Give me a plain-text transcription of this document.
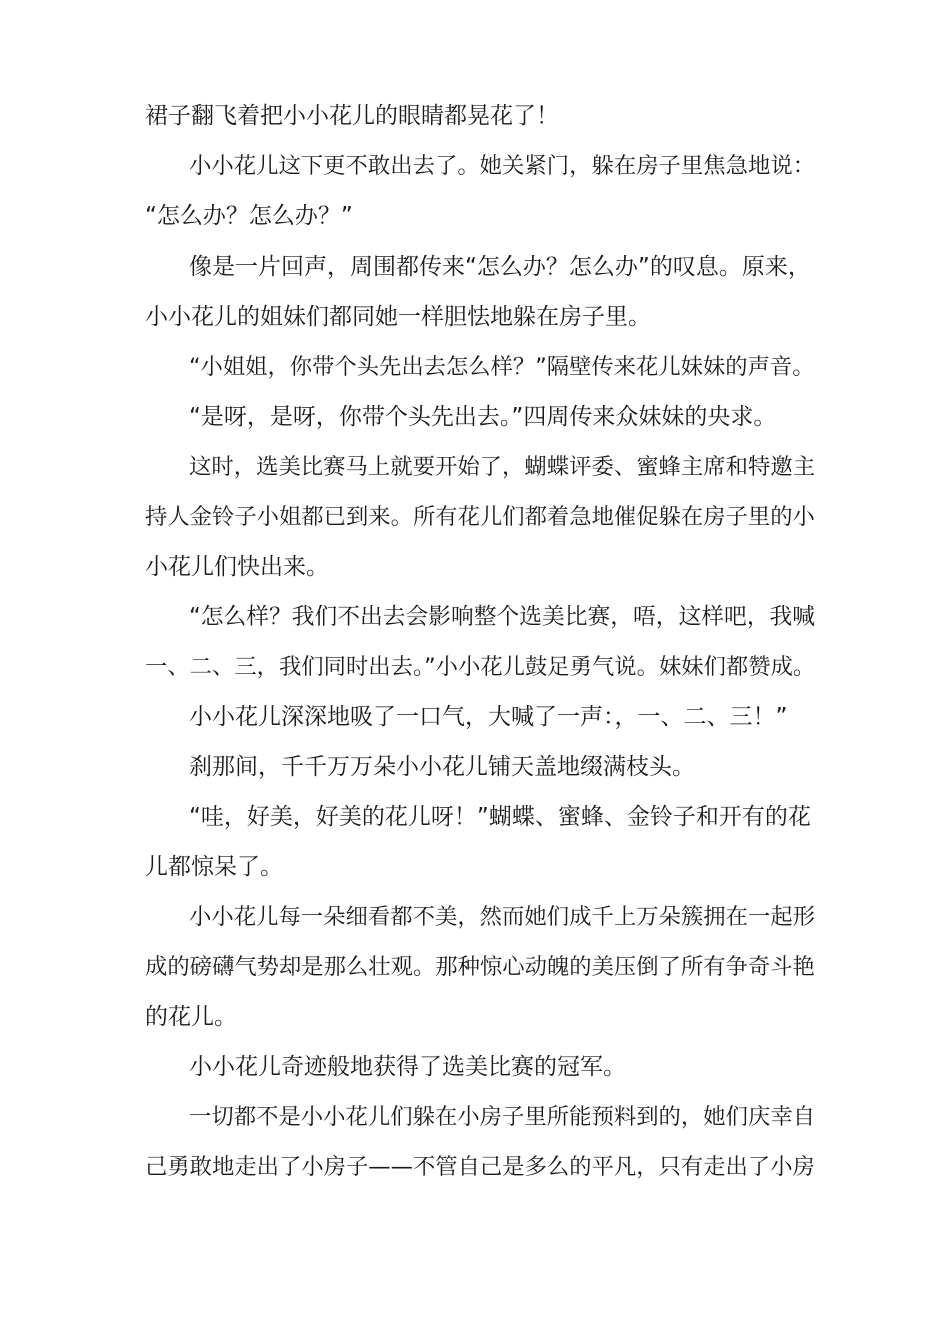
裙子翻飞着把小小花儿的眼睛都晃花了！
小小花儿这下更不敢出去了。她关紧门，躲在房子里焦急地说：
“怎么办？怎么办？”
像是一片回声，周围都传来“怎么办？怎么办”的叹息。原来，
小小花儿的姐妹们都同她一样胆怯地躲在房子里。
“小姐姐，你带个头先出去怎么样？”隔壁传来花儿妹妹的声音。
“是呀，是呀，你带个头先出去。”四周传来众妹妹的央求。
这时，选美比赛马上就要开始了，蝴蝶评委、蜜蜂主席和特邀主
持人金铃子小姐都已到来。所有花儿们都着急地催促躲在房子里的小
小花儿们快出来。
“怎么样？我们不出去会影响整个选美比赛，唔，这样吧，我喊
一、二、三，我们同时出去。”小小花儿鼓足勇气说。妹妹们都赞成。
小小花儿深深地吸了一口气，大喊了一声：，一、二、三！”
刹那间，千千万万朵小小花儿铺天盖地缀满枝头。
“哇，好美，好美的花儿呀！”蝴蝶、蜜蜂、金铃子和开有的花
儿都惊呆了。
小小花儿每一朵细看都不美，然而她们成千上万朵簇拥在一起形
成的磅礴气势却是那么壮观。那种惊心动魄的美压倒了所有争奇斗艳
的花儿。
小小花儿奇迹般地获得了选美比赛的冠军。
一切都不是小小花儿们躲在小房子里所能预料到的，她们庆幸自
己勇敢地走出了小房子——不管自己是多么的平凡，只有走出了小房
